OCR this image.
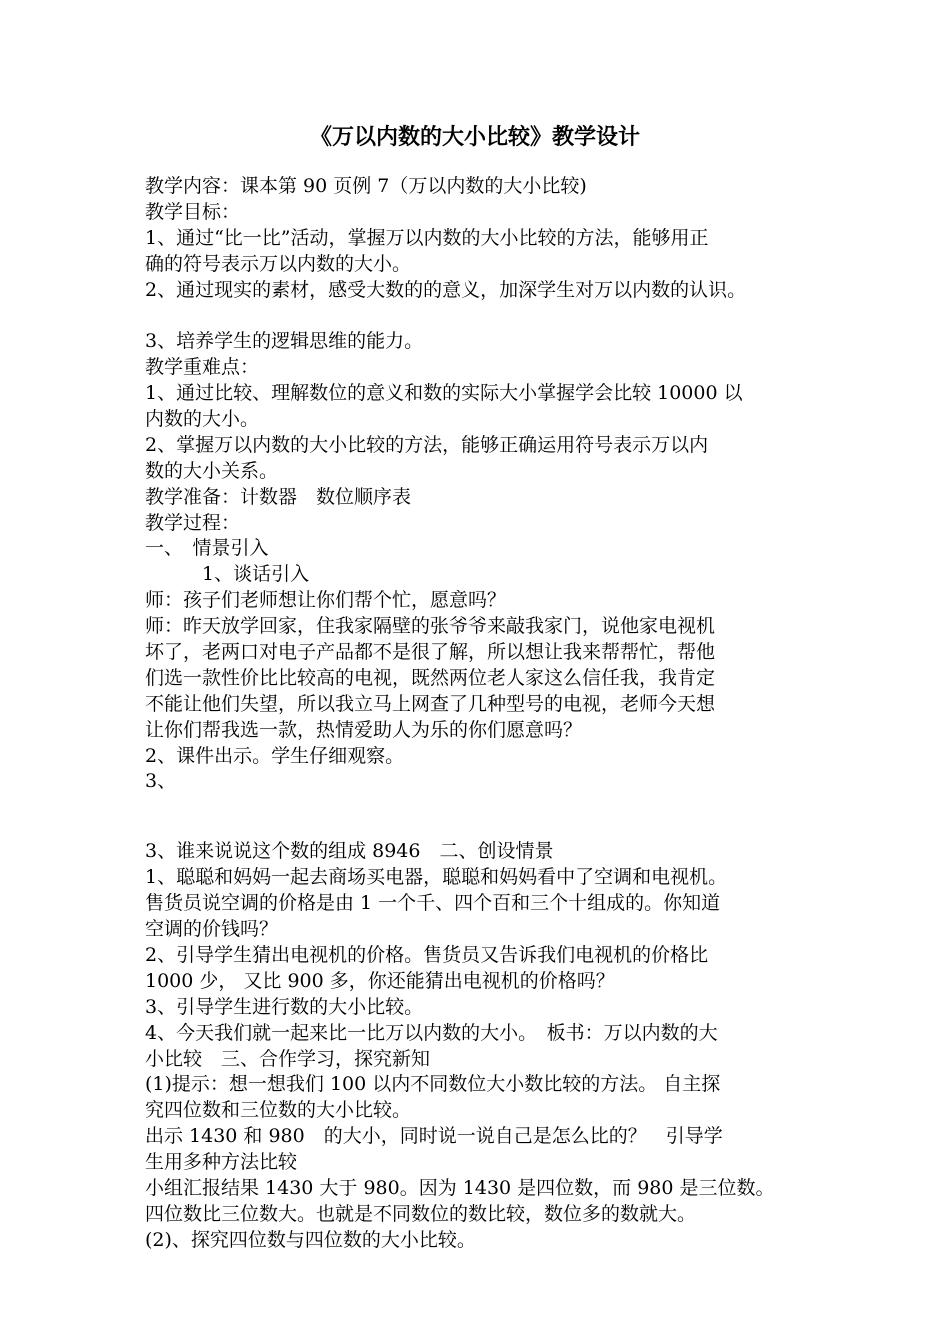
《万以内数的大小比较》教学设计
教学内容：课本第 90 页例 7（万以内数的大小比较)
教学目标：
1、通过“比一比”活动，掌握万以内数的大小比较的方法，能够用正
确的符号表示万以内数的大小。
2、通过现实的素材，感受大数的的意义，加深学生对万以内数的认识。
3、培养学生的逻辑思维的能力。
教学重难点：
1、通过比较、理解数位的意义和数的实际大小掌握学会比较 10000 以
内数的大小。
2、掌握万以内数的大小比较的方法，能够正确运用符号表示万以内
数的大小关系。
教学准备：计数器　数位顺序表
教学过程：
一、　情景引入
1、谈话引入
师：孩子们老师想让你们帮个忙，愿意吗？
师：昨天放学回家，住我家隔壁的张爷爷来敲我家门，说他家电视机
坏了，老两口对电子产品都不是很了解，所以想让我来帮帮忙，帮他
们选一款性价比比较高的电视，既然两位老人家这么信任我，我肯定
不能让他们失望，所以我立马上网查了几种型号的电视，老师今天想
让你们帮我选一款，热情爱助人为乐的你们愿意吗？
2、课件出示。学生仔细观察。
3、
3、谁来说说这个数的组成 8946　二、创设情景
1、聪聪和妈妈一起去商场买电器，聪聪和妈妈看中了空调和电视机。
售货员说空调的价格是由 1 一个千、四个百和三个十组成的。你知道
空调的价钱吗？
2、引导学生猜出电视机的价格。售货员又告诉我们电视机的价格比
1000 少， 又比 900 多，你还能猜出电视机的价格吗？
3、引导学生进行数的大小比较。
4、今天我们就一起来比一比万以内数的大小。　板书：万以内数的大
小比较　三、合作学习，探究新知
(1)提示：想一想我们 100 以内不同数位大小数比较的方法。 自主探
究四位数和三位数的大小比较。
出示 1430 和 980　的大小，同时说一说自己是怎么比的？　引导学
生用多种方法比较
小组汇报结果 1430 大于 980。因为 1430 是四位数，而 980 是三位数。
四位数比三位数大。也就是不同数位的数比较，数位多的数就大。
(2)、探究四位数与四位数的大小比较。
